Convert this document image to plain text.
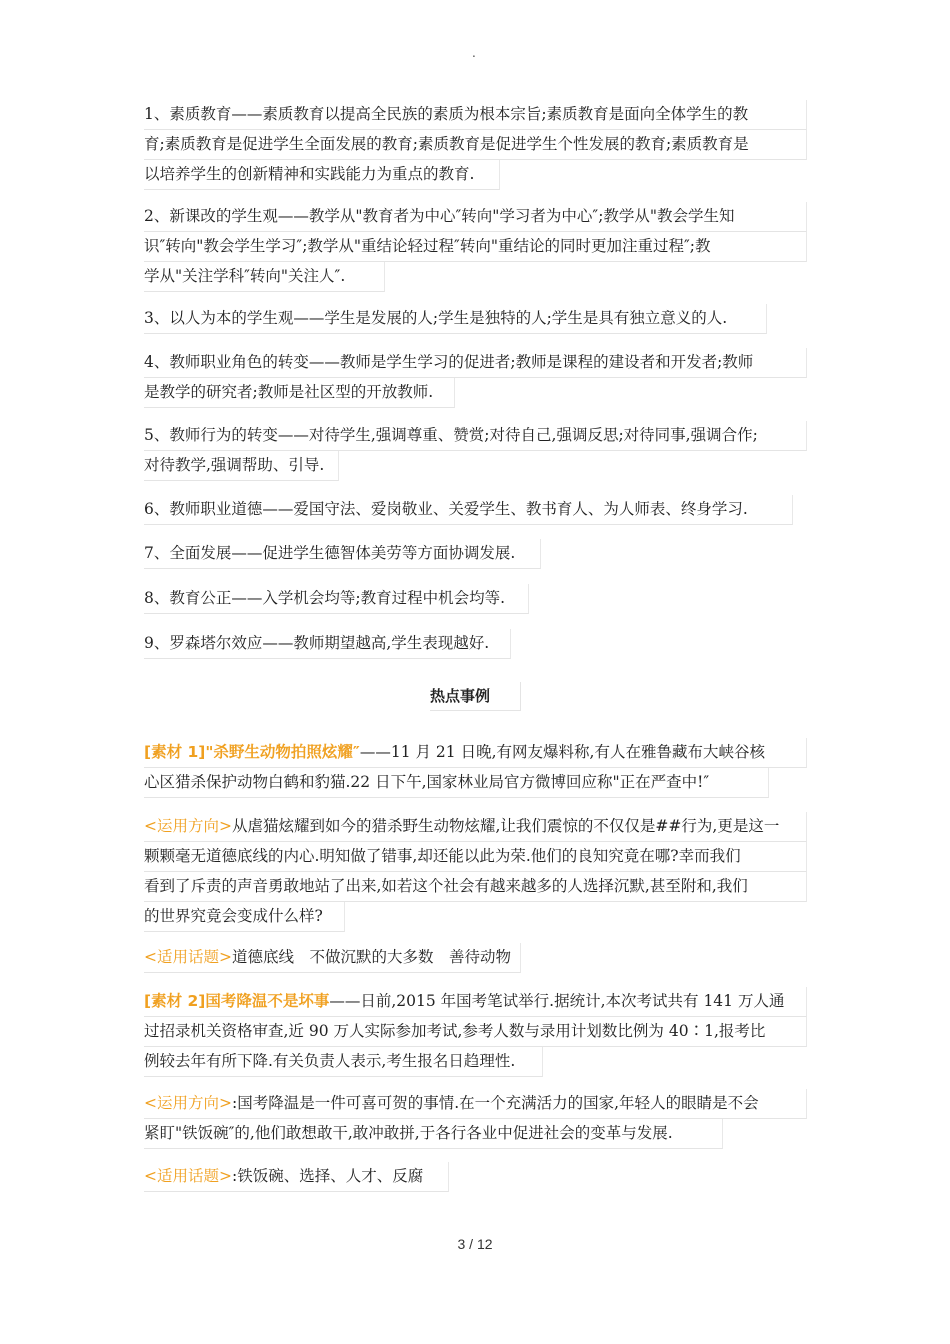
.
1、素质教育——素质教育以提高全民族的素质为根本宗旨;素质教育是面向全体学生的教
育;素质教育是促进学生全面发展的教育;素质教育是促进学生个性发展的教育;素质教育是
以培养学生的创新精神和实践能力为重点的教育.
2、新课改的学生观——教学从"教育者为中心″转向"学习者为中心″;教学从"教会学生知
识″转向"教会学生学习″;教学从"重结论轻过程″转向"重结论的同时更加注重过程″;教
学从"关注学科″转向"关注人″.
3、以人为本的学生观——学生是发展的人;学生是独特的人;学生是具有独立意义的人.
4、教师职业角色的转变——教师是学生学习的促进者;教师是课程的建设者和开发者;教师
是教学的研究者;教师是社区型的开放教师.
5、教师行为的转变——对待学生,强调尊重、赞赏;对待自己,强调反思;对待同事,强调合作;
对待教学,强调帮助、引导.
6、教师职业道德——爱国守法、爱岗敬业、关爱学生、教书育人、为人师表、终身学习.
7、全面发展——促进学生德智体美劳等方面协调发展.
8、教育公正——入学机会均等;教育过程中机会均等.
9、罗森塔尔效应——教师期望越高,学生表现越好.
热点事例
[素材 1]"杀野生动物拍照炫耀″——11 月 21 日晚,有网友爆料称,有人在雅鲁藏布大峡谷核
心区猎杀保护动物白鹤和豹猫.22 日下午,国家林业局官方微博回应称"正在严查中!″
<运用方向>从虐猫炫耀到如今的猎杀野生动物炫耀,让我们震惊的不仅仅是##行为,更是这一
颗颗毫无道德底线的内心.明知做了错事,却还能以此为荣.他们的良知究竟在哪?幸而我们
看到了斥责的声音勇敢地站了出来,如若这个社会有越来越多的人选择沉默,甚至附和,我们
的世界究竟会变成什么样?
<适用话题>道德底线　不做沉默的大多数　善待动物
[素材 2]国考降温不是坏事——日前,2015 年国考笔试举行.据统计,本次考试共有 141 万人通
过招录机关资格审查,近 90 万人实际参加考试,参考人数与录用计划数比例为 40∶1,报考比
例较去年有所下降.有关负责人表示,考生报名日趋理性.
<运用方向>:国考降温是一件可喜可贺的事情.在一个充满活力的国家,年轻人的眼睛是不会
紧盯"铁饭碗″的,他们敢想敢干,敢冲敢拼,于各行各业中促进社会的变革与发展.
<适用话题>:铁饭碗、选择、人才、反腐
3 / 12
